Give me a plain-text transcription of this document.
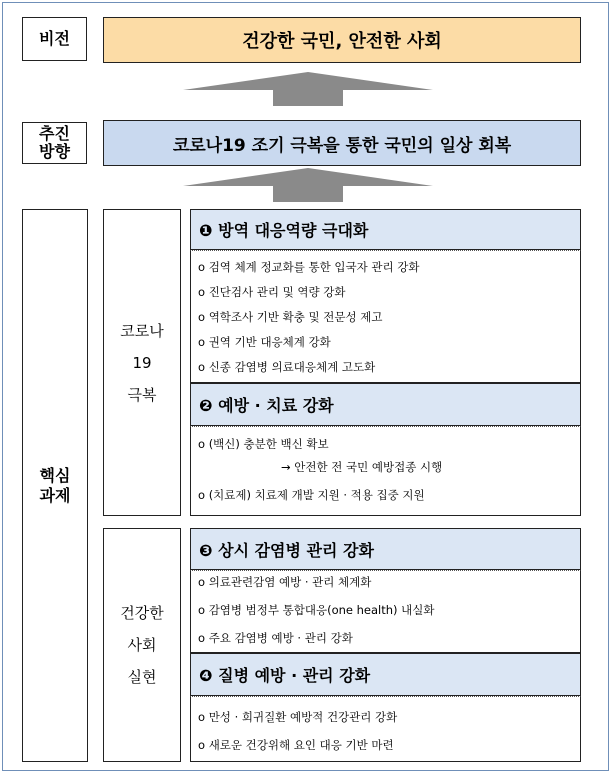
비전	건강한 국민, 안전한 사회
추진
방향	코로나19 조기 극복을 통한 국민의 일상 회복
핵심
과제
코로나
19
극복
❶ 방역 대응역량 극대화
o 검역 체계 정교화를 통한 입국자 관리 강화
o 진단검사 관리 및 역량 강화
o 역학조사 기반 확충 및 전문성 제고
o 권역 기반 대응체계 강화
o 신종 감염병 의료대응체계 고도화
❷ 예방 · 치료 강화
o (백신) 충분한 백신 확보
→ 안전한 전 국민 예방접종 시행
o (치료제) 치료제 개발 지원 · 적용 집중 지원
건강한
사회
실현
❸ 상시 감염병 관리 강화
o 의료관련감염 예방 · 관리 체계화
o 감염병 범정부 통합대응(one health) 내실화
o 주요 감염병 예방 · 관리 강화
❹ 질병 예방 · 관리 강화
o 만성 · 희귀질환 예방적 건강관리 강화
o 새로운 건강위해 요인 대응 기반 마련
